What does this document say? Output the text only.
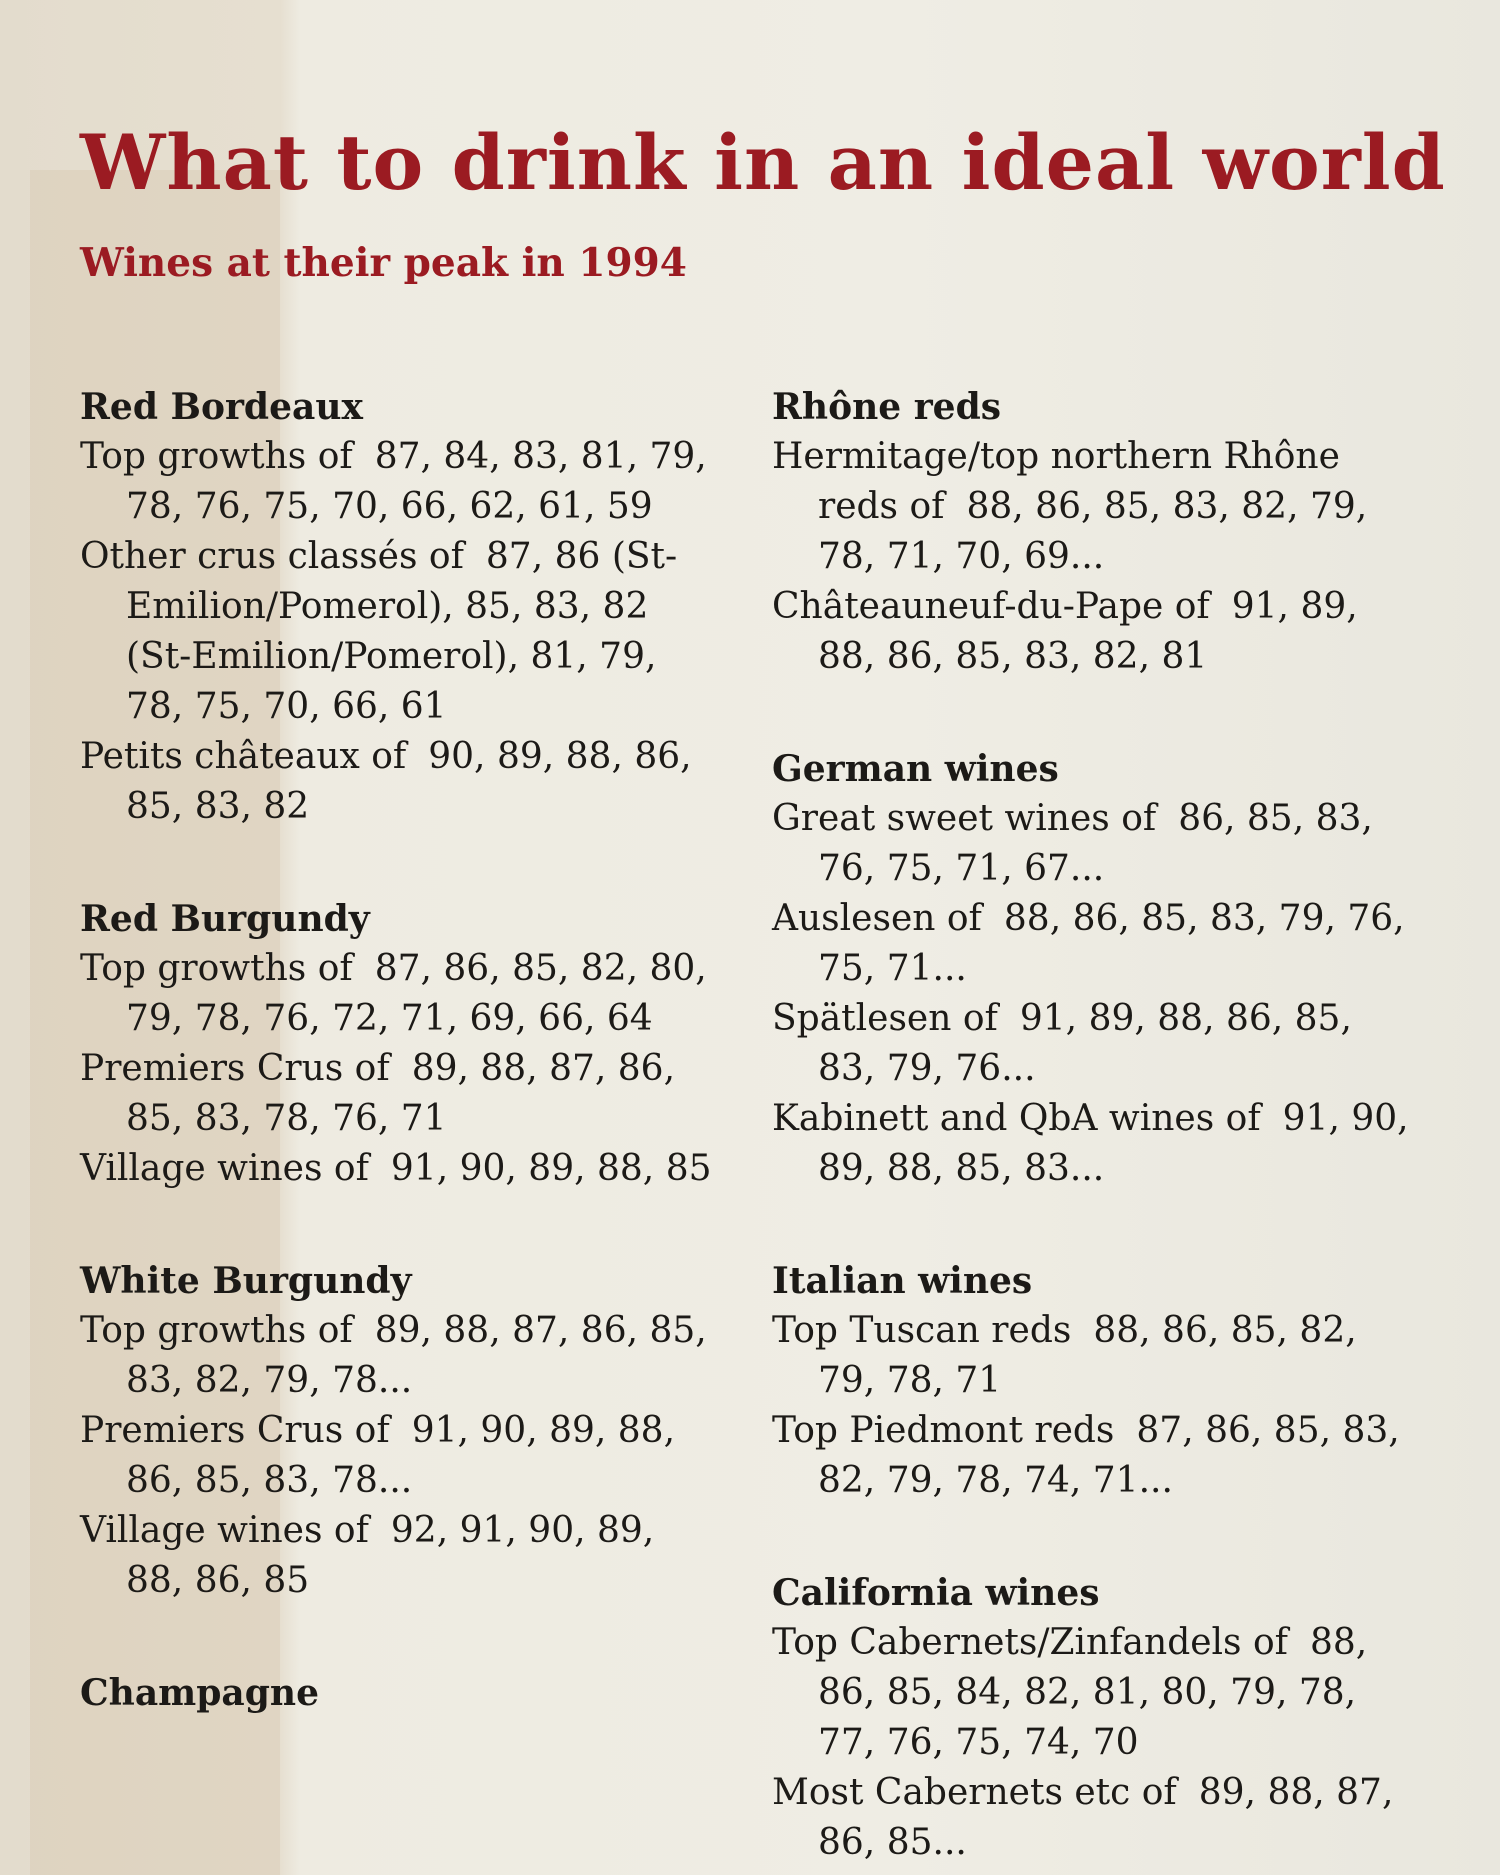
What to drink in an ideal world
Wines at their peak in 1994
Red Bordeaux
Top growths of 87, 84, 83, 81, 79, 78, 76, 75, 70, 66, 62, 61, 59
Other crus classés of 87, 86 (St-Emilion/Pomerol), 85, 83, 82 (St-Emilion/Pomerol), 81, 79, 78, 75, 70, 66, 61
Petits châteaux of 90, 89, 88, 86, 85, 83, 82
Red Burgundy
Top growths of 87, 86, 85, 82, 80, 79, 78, 76, 72, 71, 69, 66, 64
Premiers Crus of 89, 88, 87, 86, 85, 83, 78, 76, 71
Village wines of 91, 90, 89, 88, 85
White Burgundy
Top growths of 89, 88, 87, 86, 85, 83, 82, 79, 78...
Premiers Crus of 91, 90, 89, 88, 86, 85, 83, 78...
Village wines of 92, 91, 90, 89, 88, 86, 85
Champagne
Rhône reds
Hermitage/top northern Rhône reds of 88, 86, 85, 83, 82, 79, 78, 71, 70, 69...
Châteauneuf-du-Pape of 91, 89, 88, 86, 85, 83, 82, 81
German wines
Great sweet wines of 86, 85, 83, 76, 75, 71, 67...
Auslesen of 88, 86, 85, 83, 79, 76, 75, 71...
Spätlesen of 91, 89, 88, 86, 85, 83, 79, 76...
Kabinett and QbA wines of 91, 90, 89, 88, 85, 83...
Italian wines
Top Tuscan reds 88, 86, 85, 82, 79, 78, 71
Top Piedmont reds 87, 86, 85, 83, 82, 79, 78, 74, 71...
California wines
Top Cabernets/Zinfandels of 88, 86, 85, 84, 82, 81, 80, 79, 78, 77, 76, 75, 74, 70
Most Cabernets etc of 89, 88, 87, 86, 85...
